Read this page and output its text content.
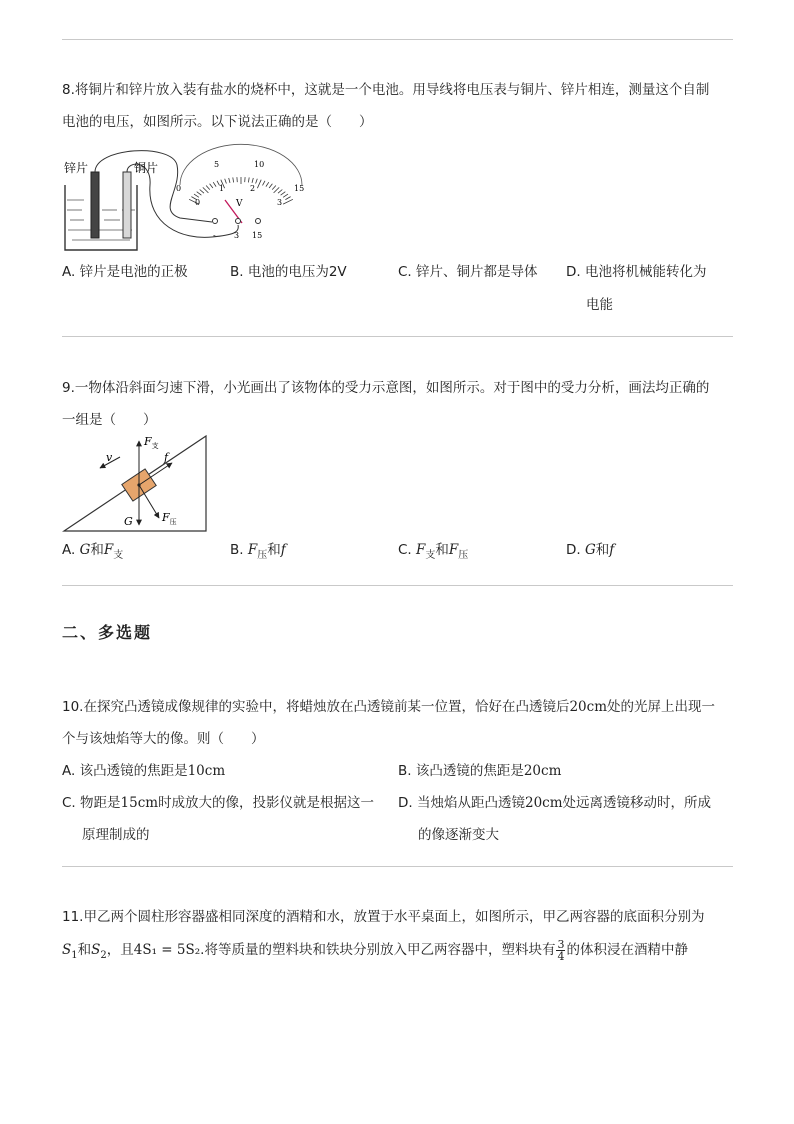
8.将铜片和锌片放入装有盐水的烧杯中，这就是一个电池。用导线将电压表与铜片、锌片相连，测量这个自制
电池的电压，如图所示。以下说法正确的是（　　）
锌片	铜片
0
5	10
15
0
1	2
3
V
- 3 15
A. 锌片是电池的正极	B. 电池的电压为2V	C. 锌片、铜片都是导体 D. 电池将机械能转化为
电能
9.一物体沿斜面匀速下滑，小光画出了该物体的受力示意图，如图所示。对于图中的受力分析，画法均正确的
一组是（　　）
v
$F_支$
f
G	$F_压$
A. G和$F_支$	B. $F_压$和f	C. $F_支$和$F_压$	D. G和f
二、多选题
10.在探究凸透镜成像规律的实验中，将蜡烛放在凸透镜前某一位置，恰好在凸透镜后20cm处的光屏上出现一
个与该烛焰等大的像。则（　　）
A. 该凸透镜的焦距是10cm	B. 该凸透镜的焦距是20cm
C. 物距是15cm时成放大的像，投影仪就是根据这一
原理制成的
D. 当烛焰从距凸透镜20cm处远离透镜移动时，所成
的像逐渐变大
11.甲乙两个圆柱形容器盛相同深度的酒精和水，放置于水平桌面上，如图所示，甲乙两容器的底面积分别为
$S_1$和$S_2$，且4S₁ = 5S₂.将等质量的塑料块和铁块分别放入甲乙两容器中，塑料块有 $\frac{3}{4}$ 的体积浸在酒精中静
